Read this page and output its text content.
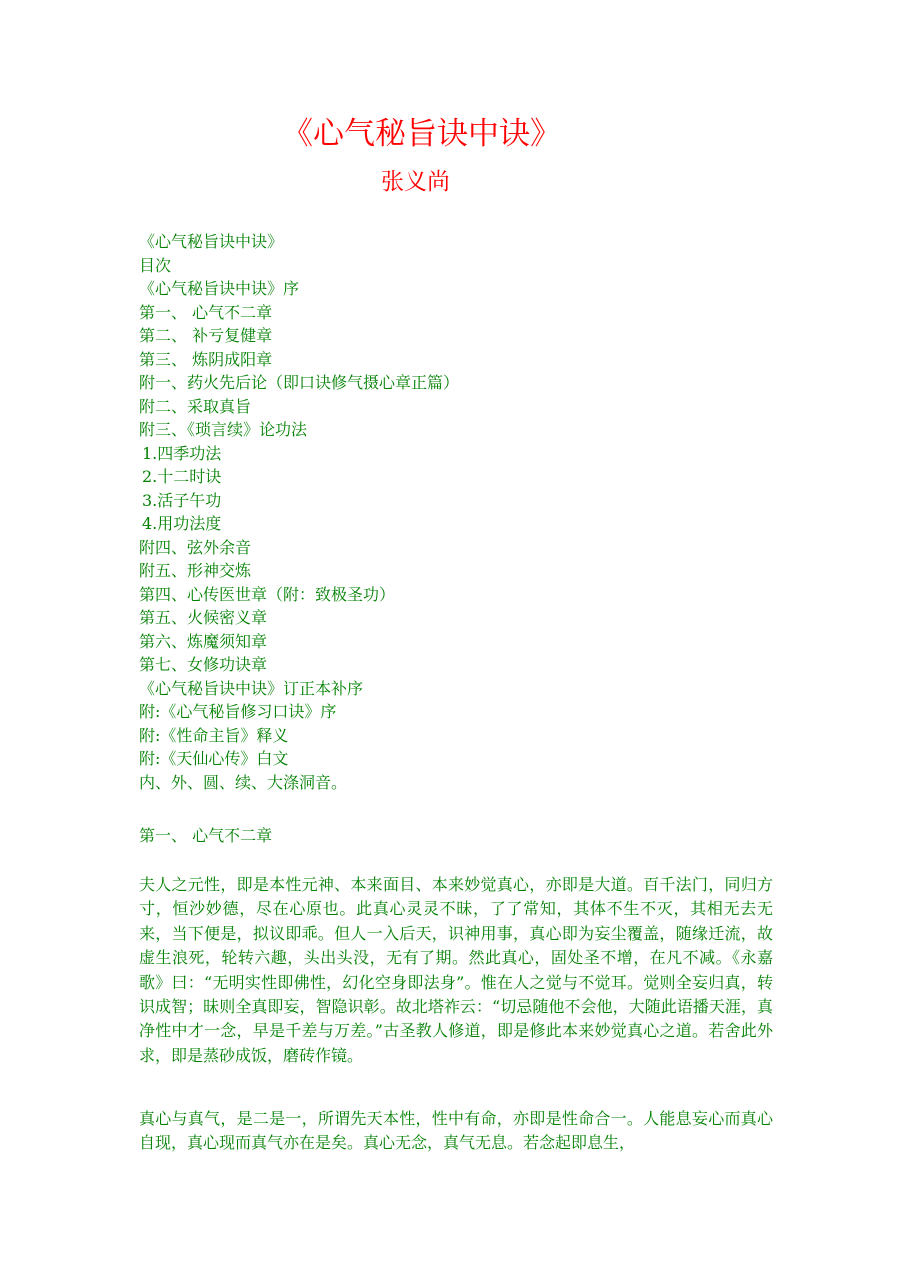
《心气秘旨诀中诀》
张义尚
《心气秘旨诀中诀》
目次
《心气秘旨诀中诀》序
第一、 心气不二章
第二、 补亏复健章
第三、 炼阴成阳章
附一、药火先后论（即口诀修气摄心章正篇）
附二、采取真旨
附三、《琐言续》论功法
1.四季功法
2.十二时诀
3.活子午功
4.用功法度
附四、弦外余音
附五、形神交炼
第四、心传医世章（附：致极圣功）
第五、火候密义章
第六、炼魔须知章
第七、女修功诀章
《心气秘旨诀中诀》订正本补序
附:《心气秘旨修习口诀》序
附:《性命主旨》释义
附:《天仙心传》白文
内、外、圆、续、大涤洞音。
第一、 心气不二章

夫人之元性，即是本性元神、本来面目、本来妙觉真心，亦即是大道。百千法门，同归方寸，恒沙妙德，尽在心原也。此真心灵灵不昧，了了常知，其体不生不灭，其相无去无来，当下便是，拟议即乖。但人一入后天，识神用事，真心即为妄尘覆盖，随缘迁流，故虚生浪死，轮转六趣，头出头没，无有了期。然此真心，固处圣不增，在凡不减。《永嘉歌》曰：“无明实性即佛性，幻化空身即法身”。惟在人之觉与不觉耳。觉则全妄归真，转识成智；昧则全真即妄，智隐识彰。故北塔祚云：“切忌随他不会他，大随此语播天涯，真净性中才一念，早是千差与万差。”古圣教人修道，即是修此本来妙觉真心之道。若舍此外求，即是蒸砂成饭，磨砖作镜。

真心与真气，是二是一，所谓先天本性，性中有命，亦即是性命合一。人能息妄心而真心自现，真心现而真气亦在是矣。真心无念，真气无息。若念起即息生，
